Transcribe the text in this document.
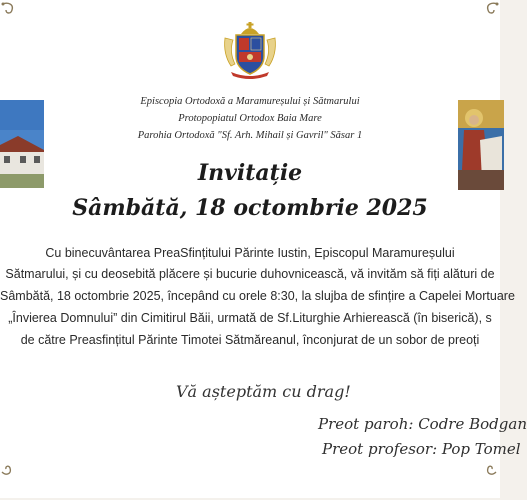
Episcopia Ortodoxă a Maramureșului și Sătmarului
Protopopiatul Ortodox Baia Mare
Parohia Ortodoxă "Sf. Arh. Mihail și Gavril" Săsar 1
Invitație
Sâmbătă, 18 octombrie 2025
Cu binecuvântarea PreaSfințitului Părinte Iustin, Episcopul Maramureșului
Sătmarului, și cu deosebită plăcere și bucurie duhovnicească, vă invităm să fiți alături de
Sâmbătă, 18 octombrie 2025, începând cu orele 8:30, la slujba de sfințire a Capelei Mortuare
„Învierea Domnului” din Cimitirul Băii, urmată de Sf.Liturghie Arhierească (în biserică), s
de către Preasfințitul Părinte Timotei Sătmăreanul, înconjurat de un sobor de preoți
Vă așteptăm cu drag!
Preot paroh: Codre Bodgan
Preot profesor: Pop Tomel
